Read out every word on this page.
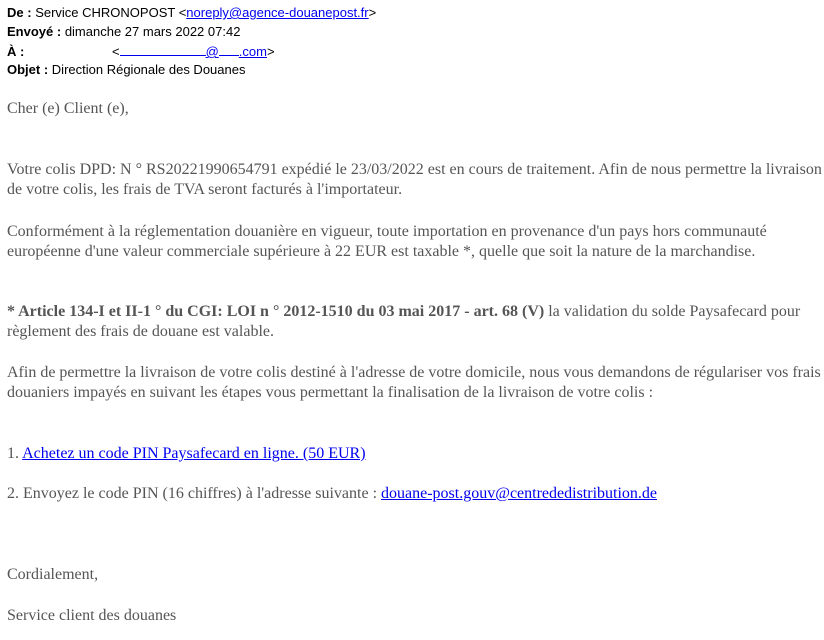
De : Service CHRONOPOST <noreply@agence-douanepost.fr>
Envoyé : dimanche 27 mars 2022 07:42
À :	<	@ .com>
Objet : Direction Régionale des Douanes
Cher (e) Client (e),
Votre colis DPD: N ° RS20221990654791 expédié le 23/03/2022 est en cours de traitement. Afin de nous permettre la livraison de votre colis, les frais de TVA seront facturés à l'importateur.
Conformément à la réglementation douanière en vigueur, toute importation en provenance d'un pays hors communauté européenne d'une valeur commerciale supérieure à 22 EUR est taxable *, quelle que soit la nature de la marchandise.
* Article 134-I et II-1 ° du CGI: LOI n ° 2012-1510 du 03 mai 2017 - art. 68 (V) la validation du solde Paysafecard pour règlement des frais de douane est valable.
Afin de permettre la livraison de votre colis destiné à l'adresse de votre domicile, nous vous demandons de régulariser vos frais douaniers impayés en suivant les étapes vous permettant la finalisation de la livraison de votre colis :
1. Achetez un code PIN Paysafecard en ligne. (50 EUR)
2. Envoyez le code PIN (16 chiffres) à l'adresse suivante : douane-post.gouv@centrededistribution.de
Cordialement,
Service client des douanes
